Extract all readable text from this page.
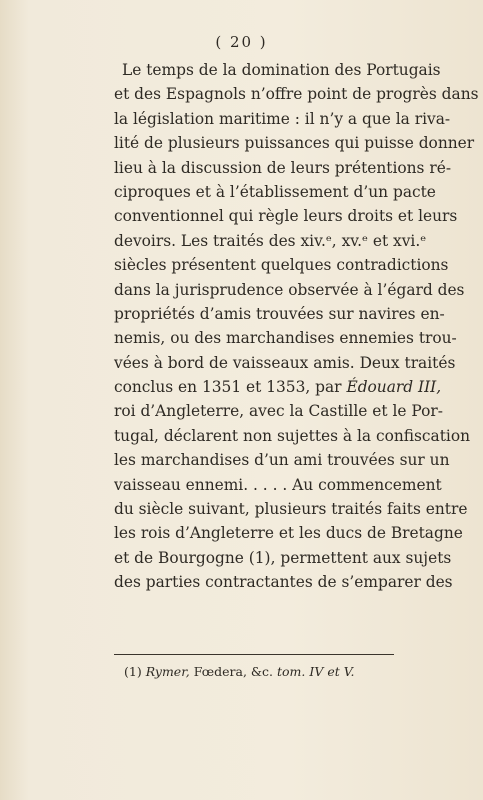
( 20 )
Le temps de la domination des Portugais
et des Espagnols n’offre point de progrès dans
la législation maritime : il n’y a que la riva-
lité de plusieurs puissances qui puisse donner
lieu à la discussion de leurs prétentions ré-
ciproques et à l’établissement d’un pacte
conventionnel qui règle leurs droits et leurs
devoirs. Les traités des xiv.ᵉ, xv.ᵉ et xvi.ᵉ
siècles présentent quelques contradictions
dans la jurisprudence observée à l’égard des
propriétés d’amis trouvées sur navires en-
nemis, ou des marchandises ennemies trou-
vées à bord de vaisseaux amis. Deux traités
conclus en 1351 et 1353, par Édouard III,
roi d’Angleterre, avec la Castille et le Por-
tugal, déclarent non sujettes à la confiscation
les marchandises d’un ami trouvées sur un
vaisseau ennemi. . . . . Au commencement
du siècle suivant, plusieurs traités faits entre
les rois d’Angleterre et les ducs de Bretagne
et de Bourgogne (1), permettent aux sujets
des parties contractantes de s’emparer des
(1) Rymer, Fœdera, &c. tom. IV et V.
